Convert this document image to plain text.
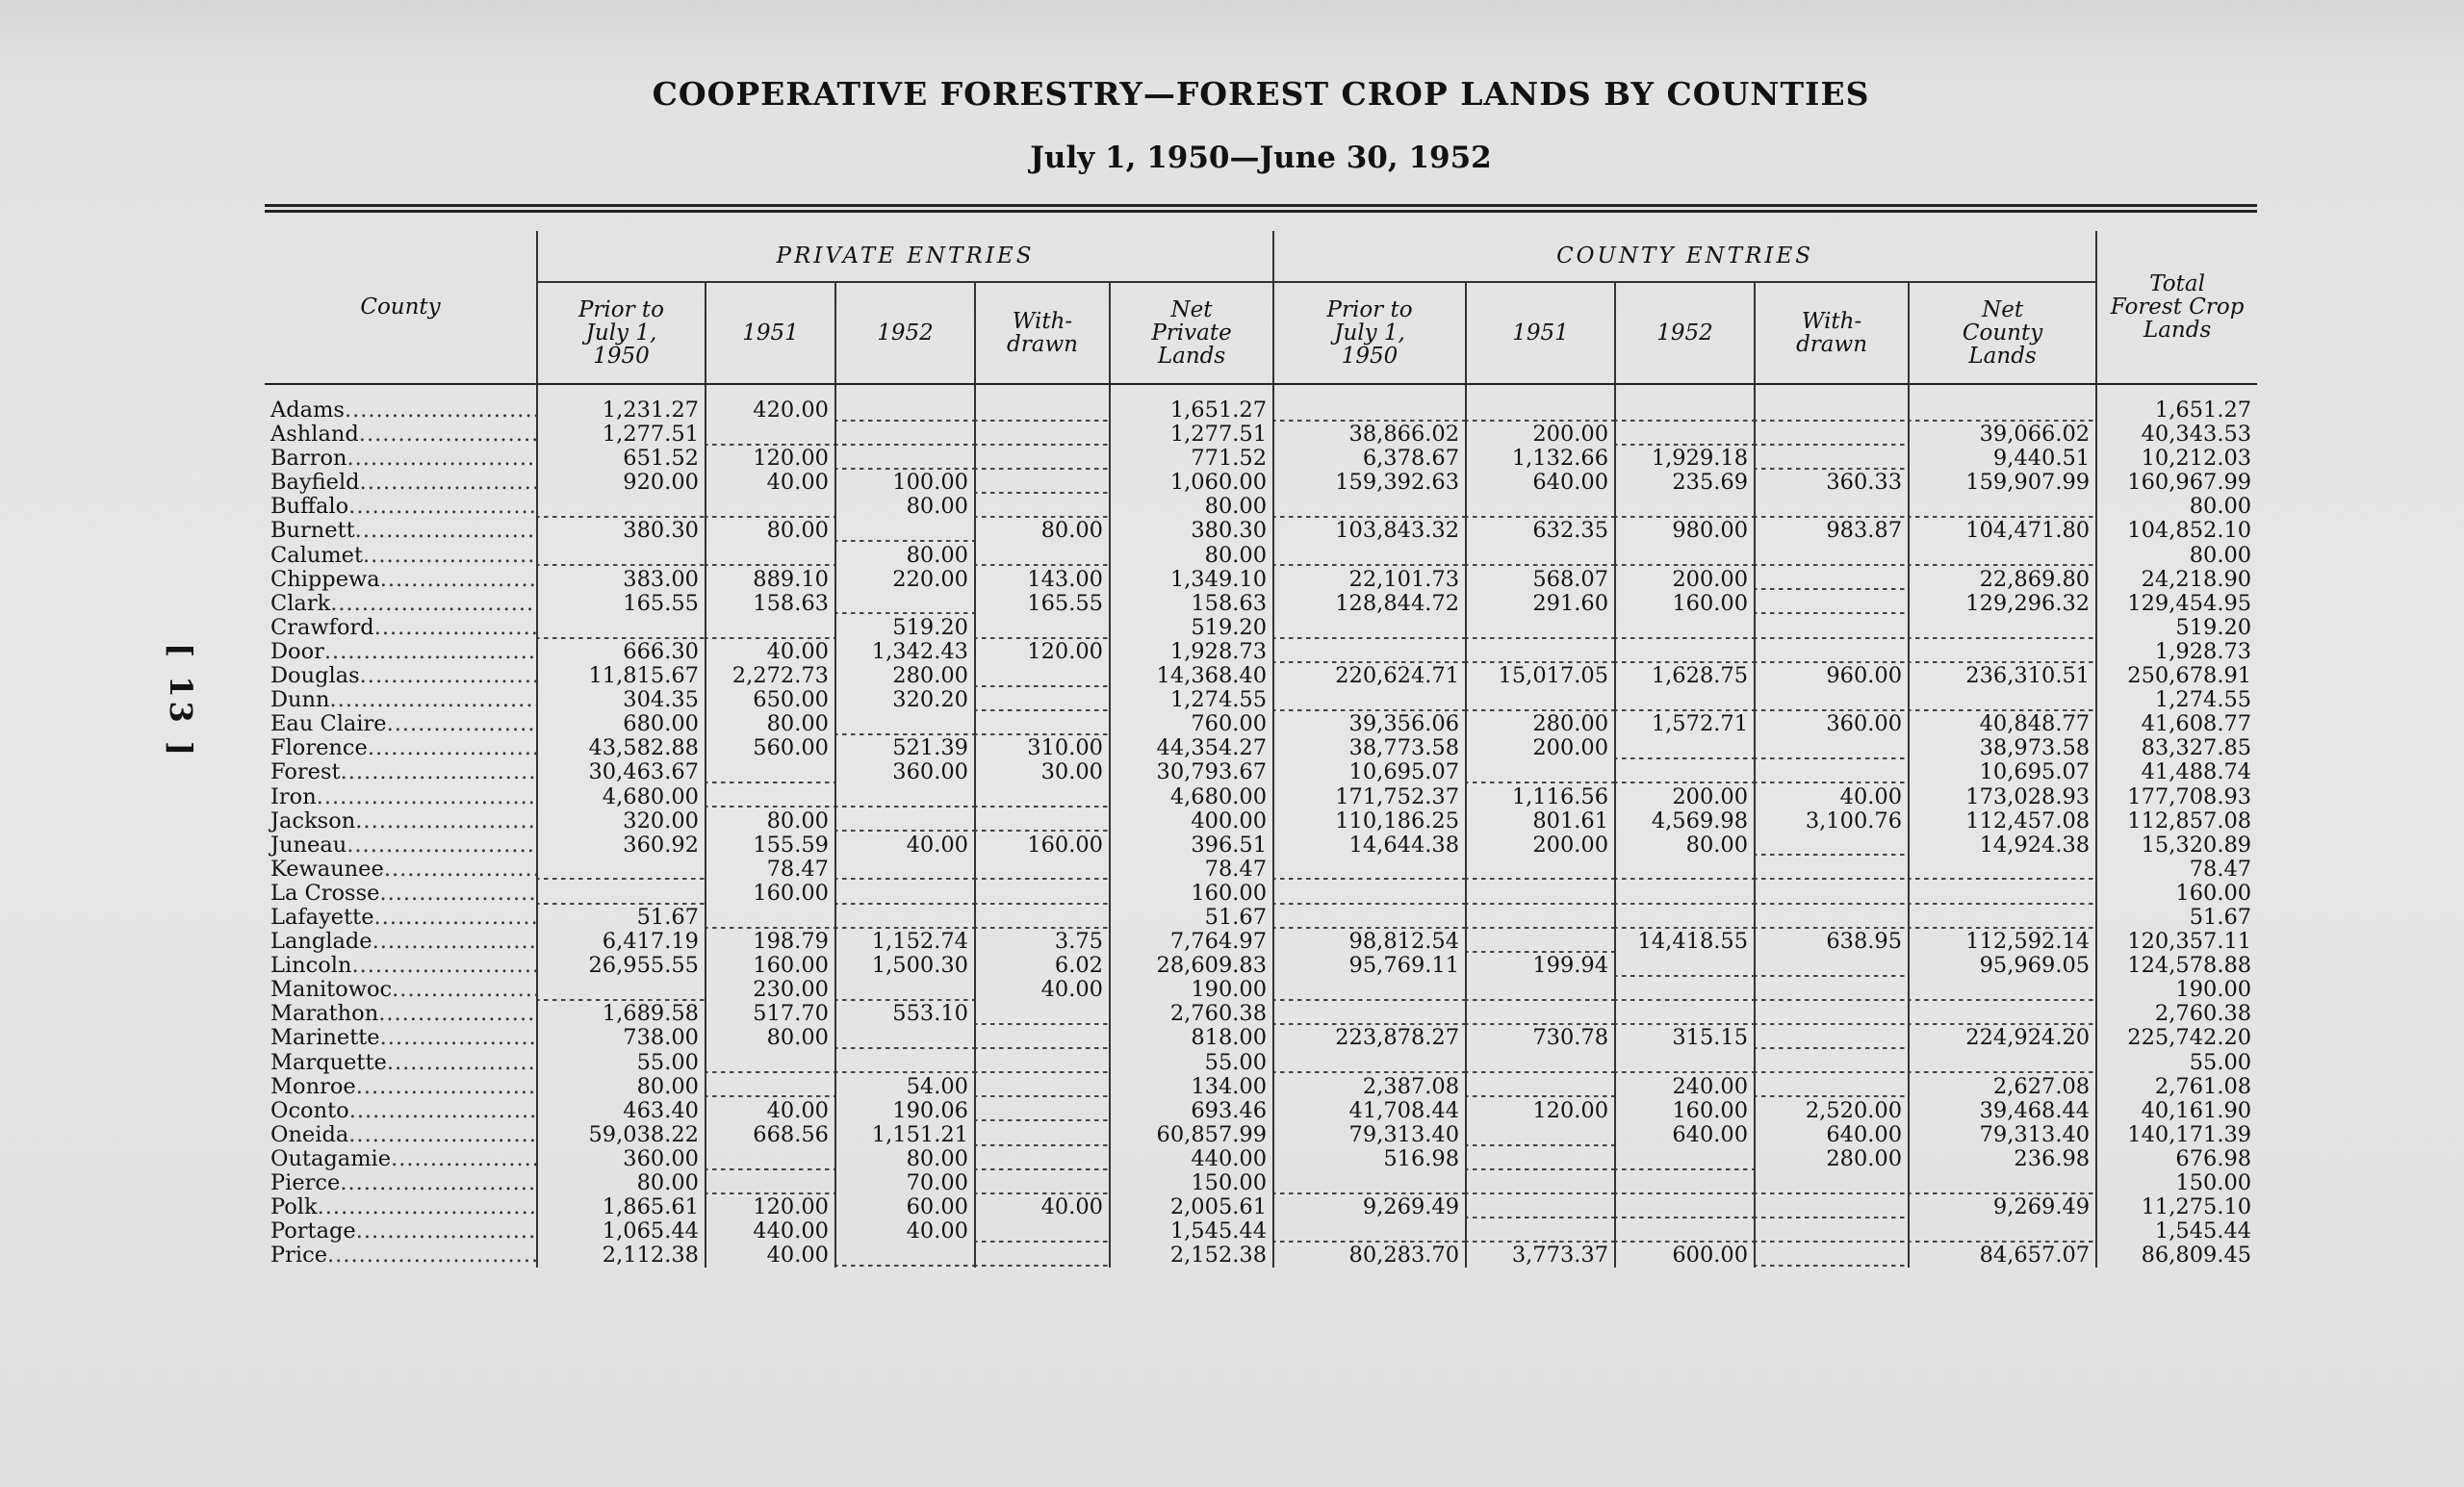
COOPERATIVE FORESTRY—FOREST CROP LANDS BY COUNTIES
July 1, 1950—June 30, 1952
[ 13 ]
County	PRIVATE ENTRIES					COUNTY ENTRIES					Total
Forest Crop
Lands
	Prior to
July 1,
1950	1951	1952	With-
drawn	Net
Private
Lands	Prior to
July 1,
1950	1951	1952	With-
drawn	Net
County
Lands	

Adams .....	1,231.27	420.00			1,651.27						1,651.27
Ashland .....	1,277.51				1,277.51	38,866.02	200.00			39,066.02	40,343.53
Barron .....	651.52	120.00			771.52	6,378.67	1,132.66	1,929.18		9,440.51	10,212.03
Bayfield .....	920.00	40.00	100.00		1,060.00	159,392.63	640.00	235.69	360.33	159,907.99	160,967.99
Buffalo .....			80.00		80.00						80.00
Burnett .....	380.30	80.00		80.00	380.30	103,843.32	632.35	980.00	983.87	104,471.80	104,852.10
Calumet .....			80.00		80.00						80.00
Chippewa .....	383.00	889.10	220.00	143.00	1,349.10	22,101.73	568.07	200.00		22,869.80	24,218.90
Clark .....	165.55	158.63		165.55	158.63	128,844.72	291.60	160.00		129,296.32	129,454.95
Crawford .....			519.20		519.20						519.20
Door .....	666.30	40.00	1,342.43	120.00	1,928.73						1,928.73
Douglas .....	11,815.67	2,272.73	280.00		14,368.40	220,624.71	15,017.05	1,628.75	960.00	236,310.51	250,678.91
Dunn .....	304.35	650.00	320.20		1,274.55						1,274.55
Eau Claire .....	680.00	80.00			760.00	39,356.06	280.00	1,572.71	360.00	40,848.77	41,608.77
Florence .....	43,582.88	560.00	521.39	310.00	44,354.27	38,773.58	200.00			38,973.58	83,327.85
Forest .....	30,463.67		360.00	30.00	30,793.67	10,695.07				10,695.07	41,488.74
Iron .....	4,680.00				4,680.00	171,752.37	1,116.56	200.00	40.00	173,028.93	177,708.93
Jackson .....	320.00	80.00			400.00	110,186.25	801.61	4,569.98	3,100.76	112,457.08	112,857.08
Juneau .....	360.92	155.59	40.00	160.00	396.51	14,644.38	200.00	80.00		14,924.38	15,320.89
Kewaunee .....		78.47			78.47						78.47
La Crosse .....		160.00			160.00						160.00
Lafayette .....	51.67				51.67						51.67
Langlade .....	6,417.19	198.79	1,152.74	3.75	7,764.97	98,812.54		14,418.55	638.95	112,592.14	120,357.11
Lincoln .....	26,955.55	160.00	1,500.30	6.02	28,609.83	95,769.11	199.94			95,969.05	124,578.88
Manitowoc .....		230.00		40.00	190.00						190.00
Marathon .....	1,689.58	517.70	553.10		2,760.38						2,760.38
Marinette .....	738.00	80.00			818.00	223,878.27	730.78	315.15		224,924.20	225,742.20
Marquette .....	55.00				55.00						55.00
Monroe .....	80.00		54.00		134.00	2,387.08		240.00		2,627.08	2,761.08
Oconto .....	463.40	40.00	190.06		693.46	41,708.44	120.00	160.00	2,520.00	39,468.44	40,161.90
Oneida .....	59,038.22	668.56	1,151.21		60,857.99	79,313.40		640.00	640.00	79,313.40	140,171.39
Outagamie .....	360.00		80.00		440.00	516.98			280.00	236.98	676.98
Pierce .....	80.00		70.00		150.00						150.00
Polk .....	1,865.61	120.00	60.00	40.00	2,005.61	9,269.49				9,269.49	11,275.10
Portage .....	1,065.44	440.00	40.00		1,545.44						1,545.44
Price .....	2,112.38	40.00			2,152.38	80,283.70	3,773.37	600.00		84,657.07	86,809.45
